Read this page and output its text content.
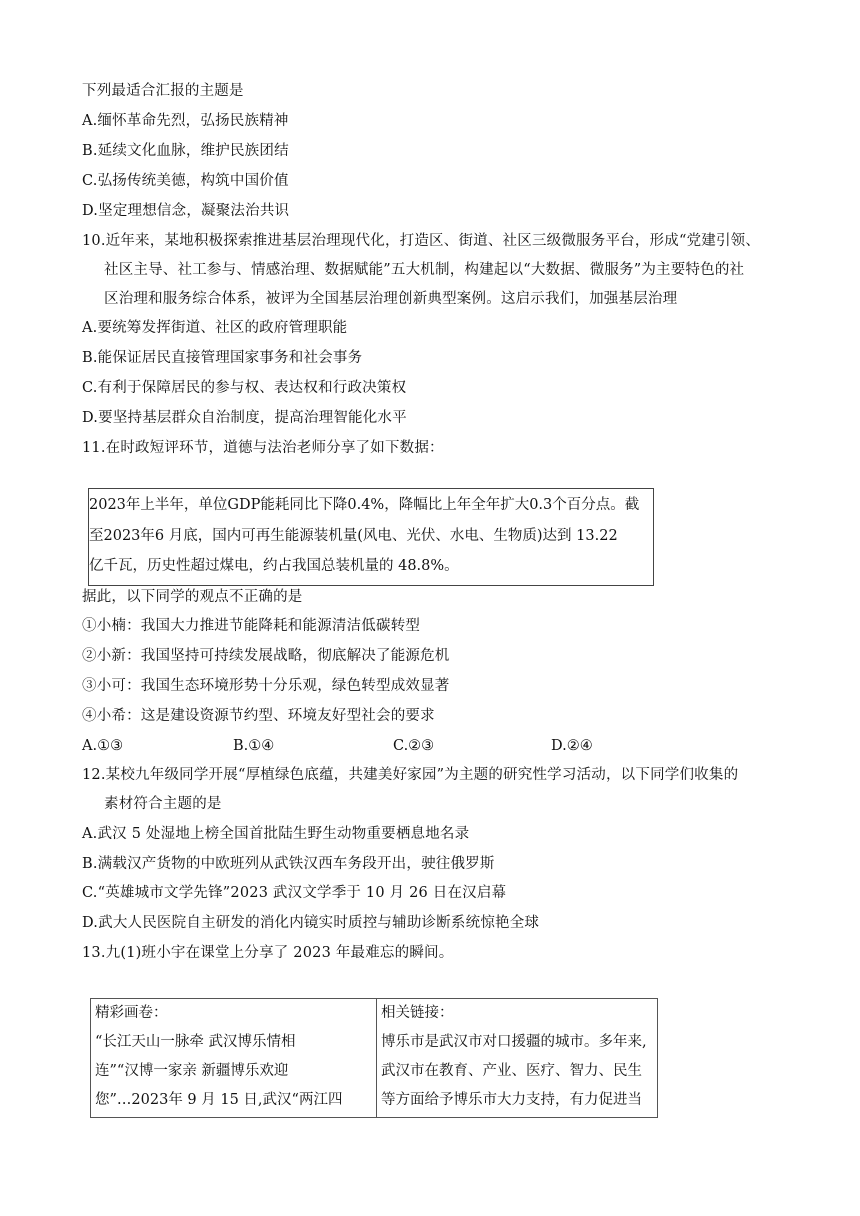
下列最适合汇报的主题是
A.缅怀革命先烈，弘扬民族精神
B.延续文化血脉，维护民族团结
C.弘扬传统美德，构筑中国价值
D.坚定理想信念，凝聚法治共识
10.近年来，某地积极探索推进基层治理现代化，打造区、街道、社区三级微服务平台，形成“党建引领、
社区主导、社工参与、情感治理、数据赋能”五大机制，构建起以“大数据、微服务”为主要特色的社
区治理和服务综合体系，被评为全国基层治理创新典型案例。这启示我们，加强基层治理
A.要统筹发挥街道、社区的政府管理职能
B.能保证居民直接管理国家事务和社会事务
C.有利于保障居民的参与权、表达权和行政决策权
D.要坚持基层群众自治制度，提高治理智能化水平
11.在时政短评环节，道德与法治老师分享了如下数据：
2023年上半年，单位GDP能耗同比下降0.4%，降幅比上年全年扩大0.3个百分点。截
至2023年6 月底，国内可再生能源装机量(风电、光伏、水电、生物质)达到 13.22
亿千瓦，历史性超过煤电，约占我国总装机量的 48.8%。
据此，以下同学的观点不正确的是
①小楠：我国大力推进节能降耗和能源清洁低碳转型
②小新：我国坚持可持续发展战略，彻底解决了能源危机
③小可：我国生态环境形势十分乐观，绿色转型成效显著
④小希：这是建设资源节约型、环境友好型社会的要求
A.①③	B.①④	C.②③	D.②④
12.某校九年级同学开展“厚植绿色底蕴，共建美好家园”为主题的研究性学习活动，以下同学们收集的
素材符合主题的是
A.武汉 5 处湿地上榜全国首批陆生野生动物重要栖息地名录
B.满载汉产货物的中欧班列从武铁汉西车务段开出，驶往俄罗斯
C.“英雄城市文学先锋”2023 武汉文学季于 10 月 26 日在汉启幕
D.武大人民医院自主研发的消化内镜实时质控与辅助诊断系统惊艳全球
13.九(1)班小宇在课堂上分享了 2023 年最难忘的瞬间。
精彩画卷：
“长江天山一脉牵 武汉博乐情相
连”“汉博一家亲 新疆博乐欢迎
您”…2023年 9 月 15 日,武汉“两江四

相关链接：
博乐市是武汉市对口援疆的城市。多年来,
武汉市在教育、产业、医疗、智力、民生
等方面给予博乐市大力支持，有力促进当
